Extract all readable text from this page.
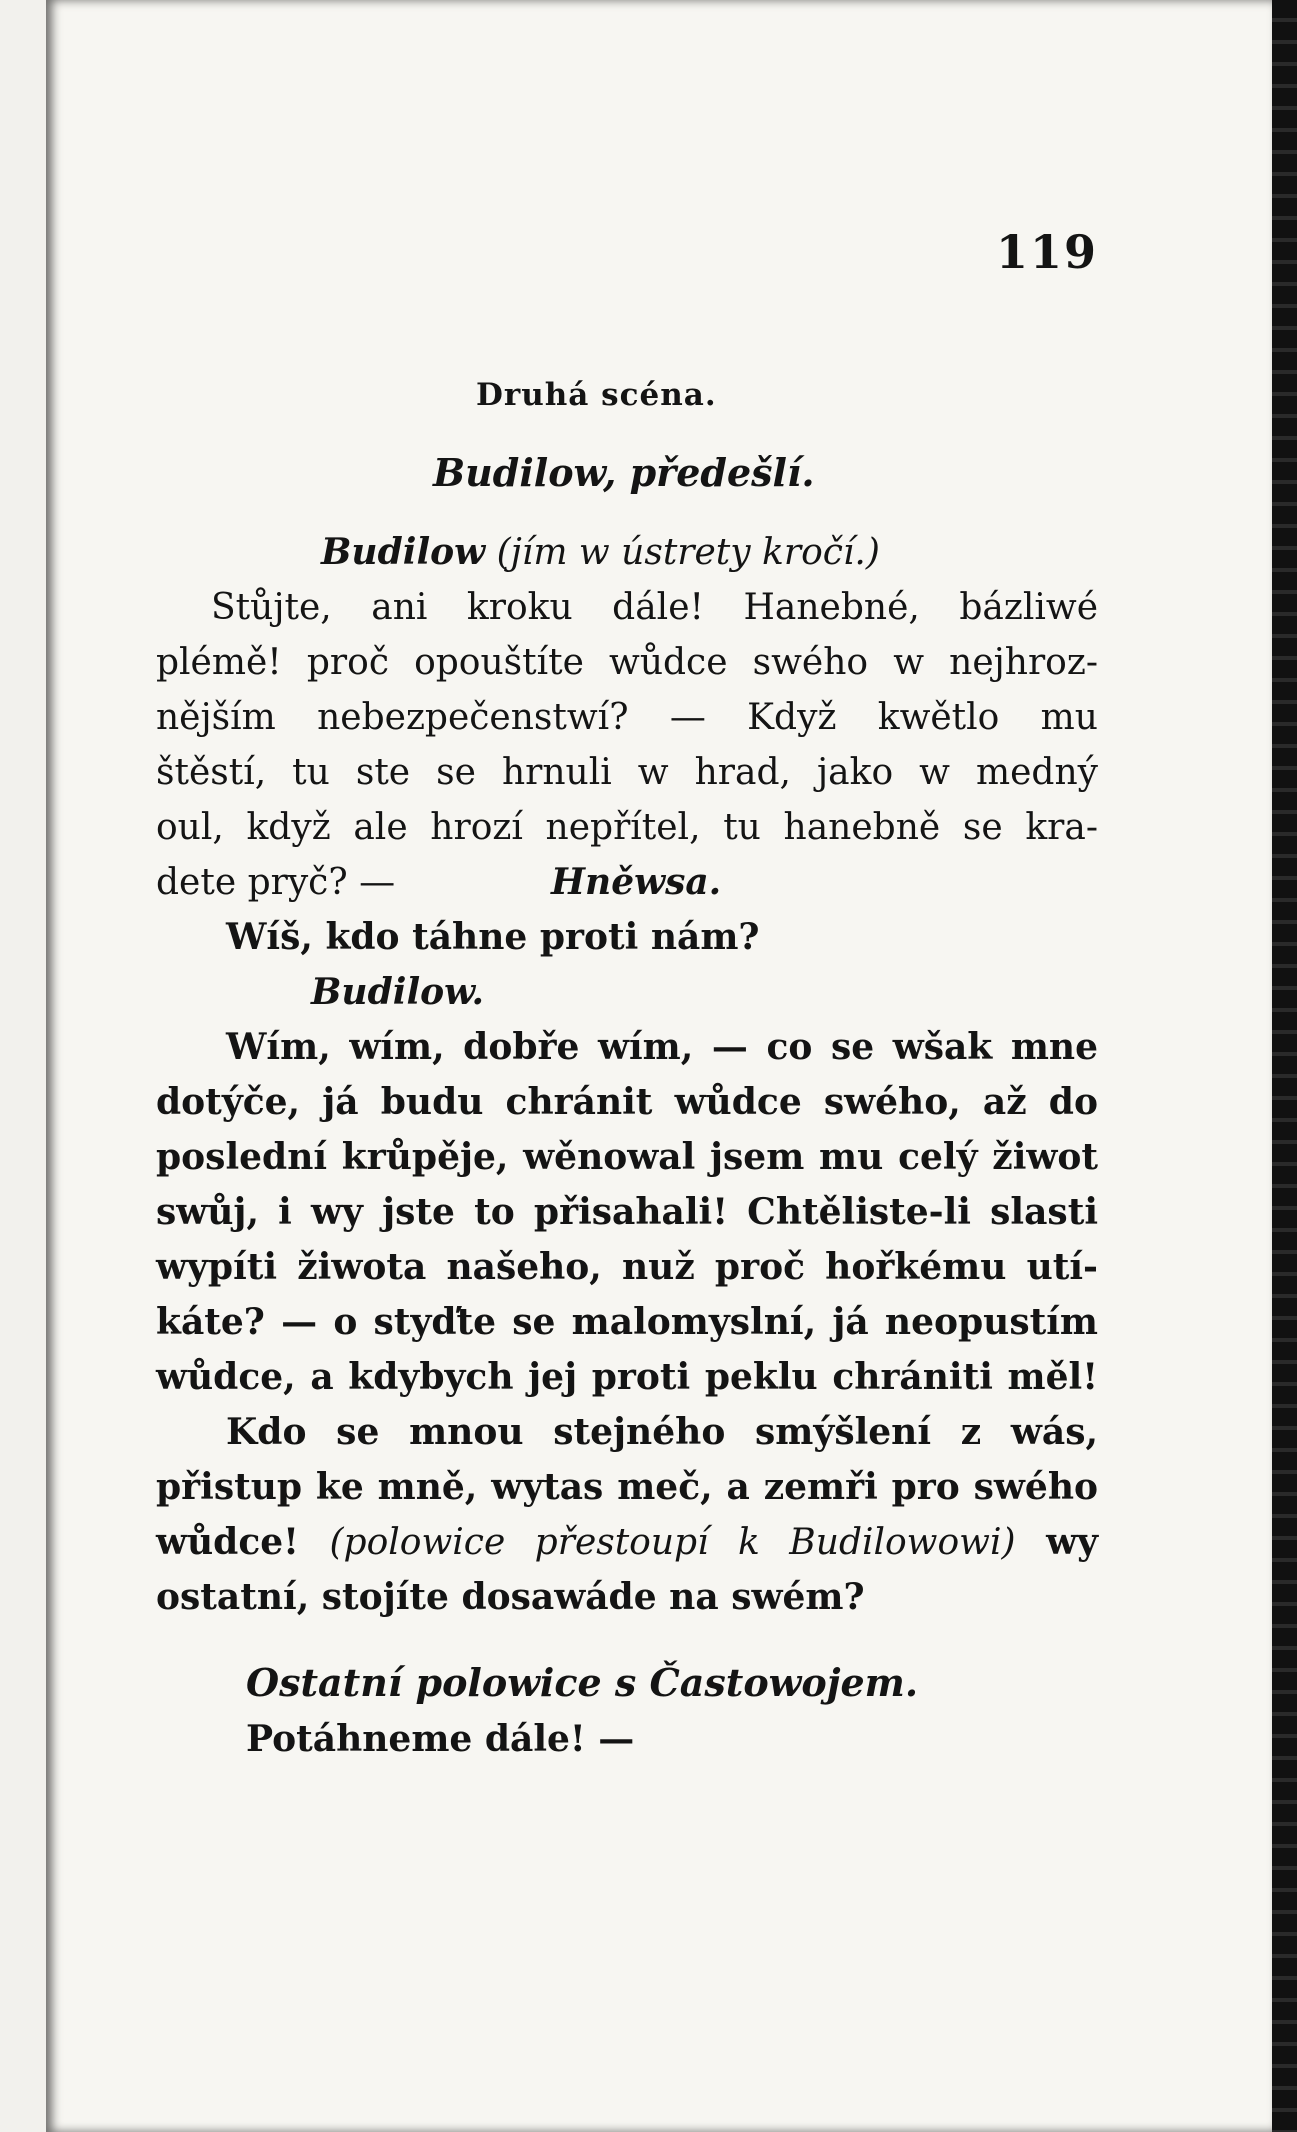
119
Druhá scéna.
Budilow, předešlí.
Budilow (jím w ústrety kročí.)
Stůjte, ani kroku dále! Hanebné, bázliwé
plémě! proč opouštíte wůdce swého w nejhroz-
nějším nebezpečenstwí? — Když kwětlo mu
štěstí, tu ste se hrnuli w hrad, jako w medný
oul, když ale hrozí nepřítel, tu hanebně se kra-
dete pryč? —	Hněwsa.
Wíš, kdo táhne proti nám?
Budilow.
Wím, wím, dobře wím, — co se wšak mne
dotýče, já budu chránit wůdce swého, až do
poslední krůpěje, wěnowal jsem mu celý žiwot
swůj, i wy jste to přisahali! Chtěliste-li slasti
wypíti žiwota našeho, nuž proč hořkému utí-
káte? — o styďte se malomyslní, já neopustím
wůdce, a kdybych jej proti peklu chrániti měl!
Kdo se mnou stejného smýšlení z wás,
přistup ke mně, wytas meč, a zemři pro swého
wůdce! (polowice přestoupí k Budilowowi) wy
ostatní, stojíte dosawáde na swém?
Ostatní polowice s Častowojem.
Potáhneme dále! —
